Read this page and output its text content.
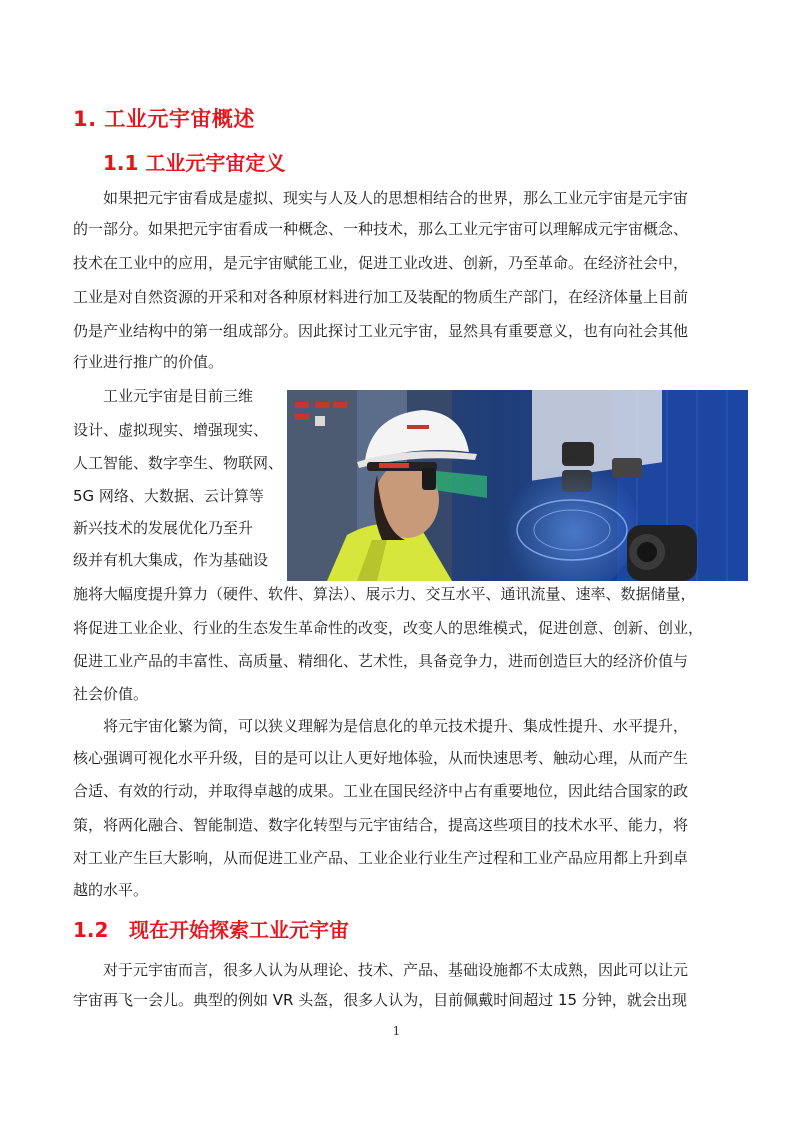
1. 工业元宇宙概述
1.1 工业元宇宙定义
如果把元宇宙看成是虚拟、现实与人及人的思想相结合的世界，那么工业元宇宙是元宇宙
的一部分。如果把元宇宙看成一种概念、一种技术，那么工业元宇宙可以理解成元宇宙概念、
技术在工业中的应用，是元宇宙赋能工业，促进工业改进、创新，乃至革命。在经济社会中，
工业是对自然资源的开采和对各种原材料进行加工及装配的物质生产部门，在经济体量上目前
仍是产业结构中的第一组成部分。因此探讨工业元宇宙，显然具有重要意义，也有向社会其他
行业进行推广的价值。
工业元宇宙是目前三维
设计、虚拟现实、增强现实、
人工智能、数字孪生、物联网、
5G 网络、大数据、云计算等
新兴技术的发展优化乃至升
级并有机大集成，作为基础设
施将大幅度提升算力（硬件、软件、算法）、展示力、交互水平、通讯流量、速率、数据储量，
将促进工业企业、行业的生态发生革命性的改变，改变人的思维模式，促进创意、创新、创业，
促进工业产品的丰富性、高质量、精细化、艺术性，具备竞争力，进而创造巨大的经济价值与
社会价值。
将元宇宙化繁为简，可以狭义理解为是信息化的单元技术提升、集成性提升、水平提升，
核心强调可视化水平升级，目的是可以让人更好地体验，从而快速思考、触动心理，从而产生
合适、有效的行动，并取得卓越的成果。工业在国民经济中占有重要地位，因此结合国家的政
策，将两化融合、智能制造、数字化转型与元宇宙结合，提高这些项目的技术水平、能力，将
对工业产生巨大影响，从而促进工业产品、工业企业行业生产过程和工业产品应用都上升到卓
越的水平。
1.2 现在开始探索工业元宇宙
对于元宇宙而言，很多人认为从理论、技术、产品、基础设施都不太成熟，因此可以让元
宇宙再飞一会儿。典型的例如 VR 头盔，很多人认为，目前佩戴时间超过 15 分钟，就会出现
1
